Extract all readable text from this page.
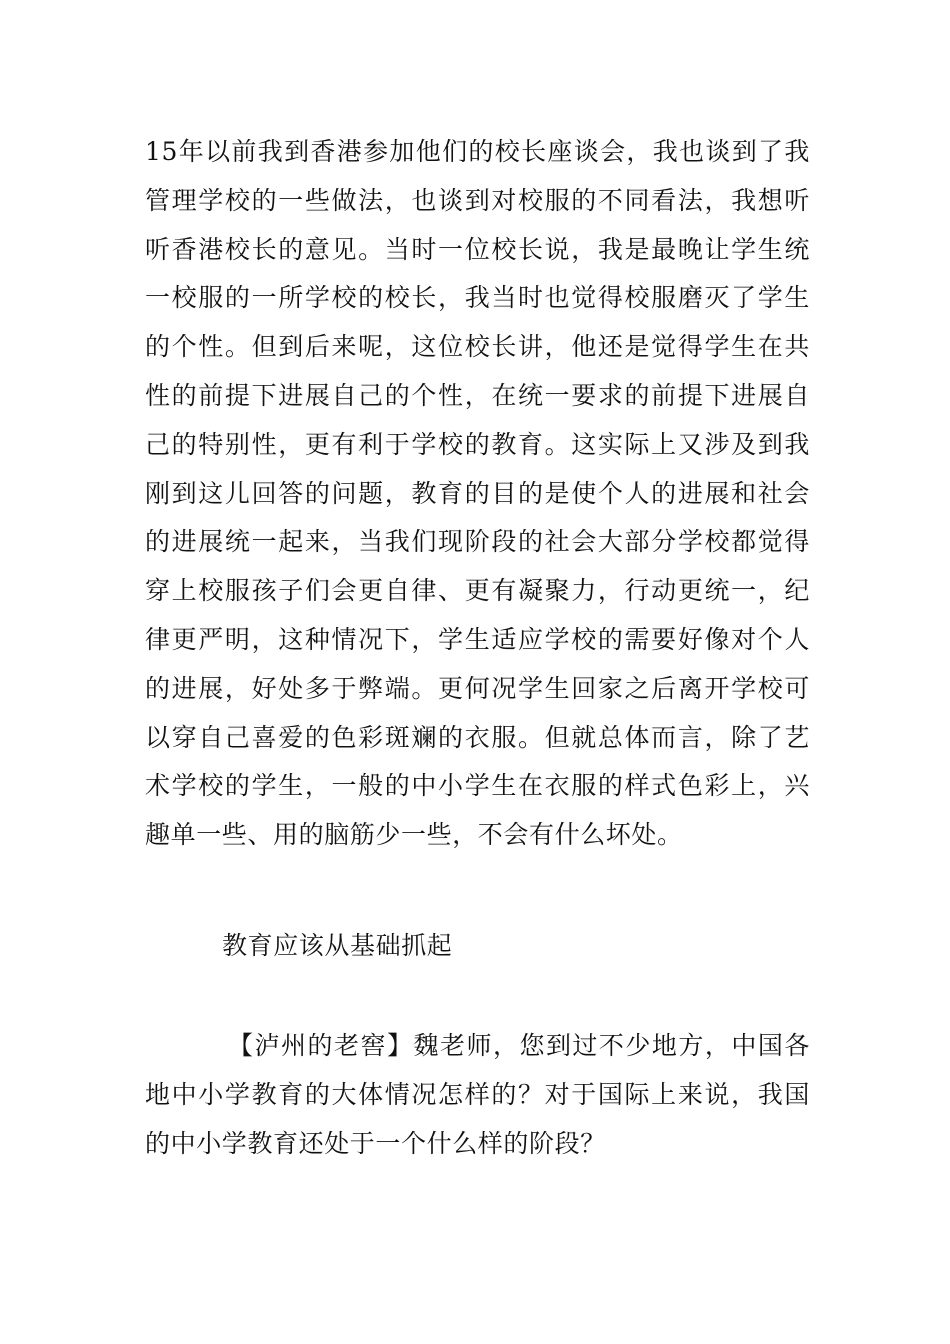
15年以前我到香港参加他们的校长座谈会，我也谈到了我管理学校的一些做法，也谈到对校服的不同看法，我想听听香港校长的意见。当时一位校长说，我是最晚让学生统一校服的一所学校的校长，我当时也觉得校服磨灭了学生的个性。但到后来呢，这位校长讲，他还是觉得学生在共性的前提下进展自己的个性，在统一要求的前提下进展自己的特别性，更有利于学校的教育。这实际上又涉及到我刚到这儿回答的问题，教育的目的是使个人的进展和社会的进展统一起来，当我们现阶段的社会大部分学校都觉得穿上校服孩子们会更自律、更有凝聚力，行动更统一，纪律更严明，这种情况下，学生适应学校的需要好像对个人的进展，好处多于弊端。更何况学生回家之后离开学校可以穿自己喜爱的色彩斑斓的衣服。但就总体而言，除了艺术学校的学生，一般的中小学生在衣服的样式色彩上，兴趣单一些、用的脑筋少一些，不会有什么坏处。

教育应该从基础抓起

【泸州的老窖】魏老师，您到过不少地方，中国各地中小学教育的大体情况怎样的？对于国际上来说，我国的中小学教育还处于一个什么样的阶段？
